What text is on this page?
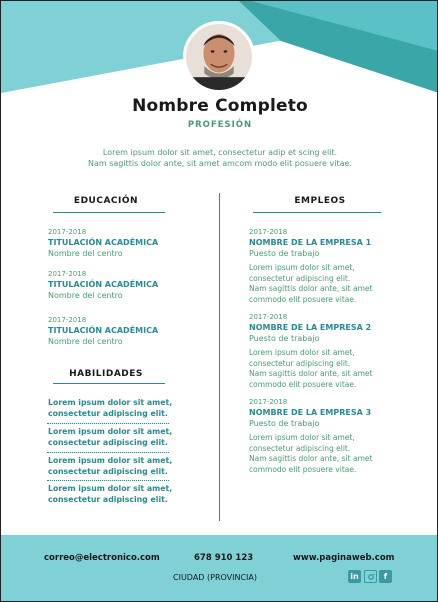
Nombre Completo
PROFESIÓN
Lorem ipsum dolor sit amet, consectetur adip et scing elit.
Nam sagittis dolor ante, sit amet amcom modo elit posuere vitae.
EDUCACIÓN
2017-2018
TITULACIÓN ACADÉMICA
Nombre del centro
2017-2018
TITULACIÓN ACADÉMICA
Nombre del centro
2017-2018
TITULACIÓN ACADÉMICA
Nombre del centro
HABILIDADES
Lorem ipsum dolor sit amet,
consectetur adipiscing elit.
Lorem ipsum dolor sit amet,
consectetur adipiscing elit.
Lorem ipsum dolor sit amet,
consectetur adipiscing elit.
Lorem ipsum dolor sit amet,
consectetur adipiscing elit.
EMPLEOS
2017-2018
NOMBRE DE LA EMPRESA 1
Puesto de trabajo
Lorem ipsum dolor sit amet,
consectetur adipiscing elit.
Nam sagittis dolor ante, sit amet
commodo elit posuere vitae.
2017-2018
NOMBRE DE LA EMPRESA 2
Puesto de trabajo
Lorem ipsum dolor sit amet,
consectetur adipiscing elit.
Nam sagittis dolor ante, sit amet
commodo elit posuere vitae.
2017-2018
NOMBRE DE LA EMPRESA 3
Puesto de trabajo
Lorem ipsum dolor sit amet,
consectetur adipiscing elit.
Nam sagittis dolor ante, sit amet
commodo elit posuere vitae.
correo@electronico.com	678 910 123	www.paginaweb.com
CIUDAD (PROVINCIA)	in	f
